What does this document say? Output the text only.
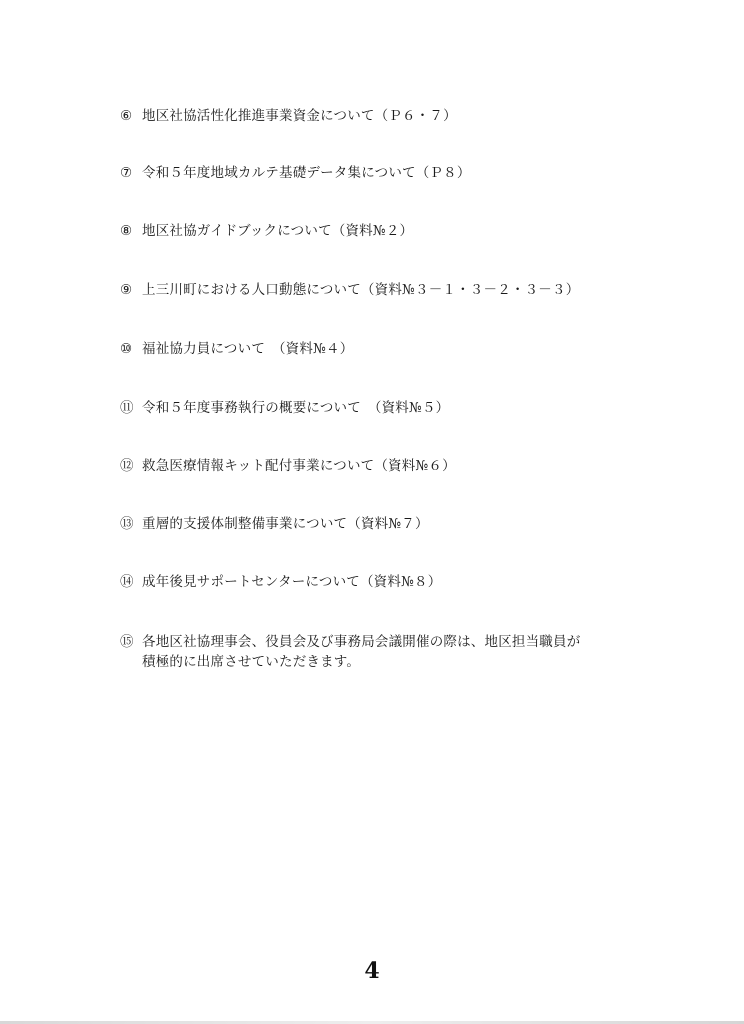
⑥ 地区社協活性化推進事業資金について（Ｐ６・７）
⑦ 令和５年度地域カルテ基礎データ集について（Ｐ８）
⑧ 地区社協ガイドブックについて（資料№２）
⑨ 上三川町における人口動態について（資料№３－１・３－２・３－３）
⑩ 福祉協力員について　（資料№４）
⑪ 令和５年度事務執行の概要について　（資料№５）
⑫ 救急医療情報キット配付事業について（資料№６）
⑬ 重層的支援体制整備事業について（資料№７）
⑭ 成年後見サポートセンターについて（資料№８）
⑮ 各地区社協理事会、役員会及び事務局会議開催の際は、地区担当職員が
積極的に出席させていただきます。
4
